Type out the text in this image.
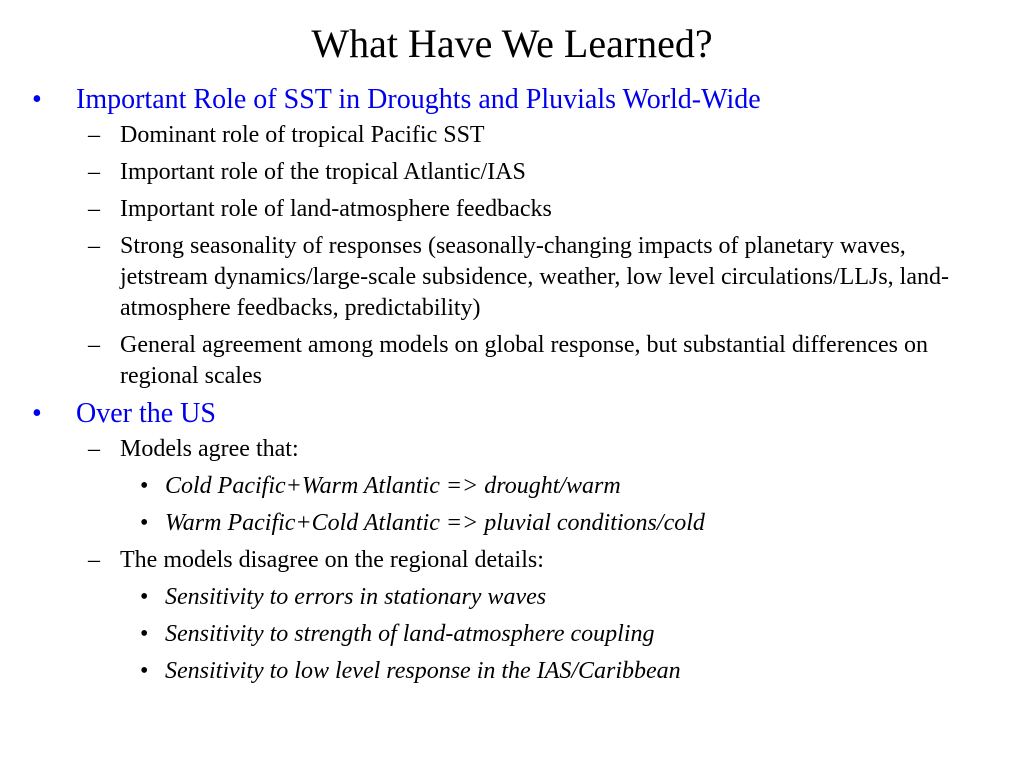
What Have We Learned?
• Important Role of SST in Droughts and Pluvials World-Wide
– Dominant role of tropical Pacific SST
– Important role of the tropical Atlantic/IAS
– Important role of land-atmosphere feedbacks
– Strong seasonality of responses (seasonally-changing impacts of planetary waves, jetstream dynamics/large-scale subsidence, weather, low level circulations/LLJs, land-atmosphere feedbacks, predictability)
– General agreement among models on global response, but substantial differences on regional scales
• Over the US
– Models agree that:
• Cold Pacific+Warm Atlantic => drought/warm
• Warm Pacific+Cold Atlantic => pluvial conditions/cold
– The models disagree on the regional details:
• Sensitivity to errors in stationary waves
• Sensitivity to strength of land-atmosphere coupling
• Sensitivity to low level response in the IAS/Caribbean
